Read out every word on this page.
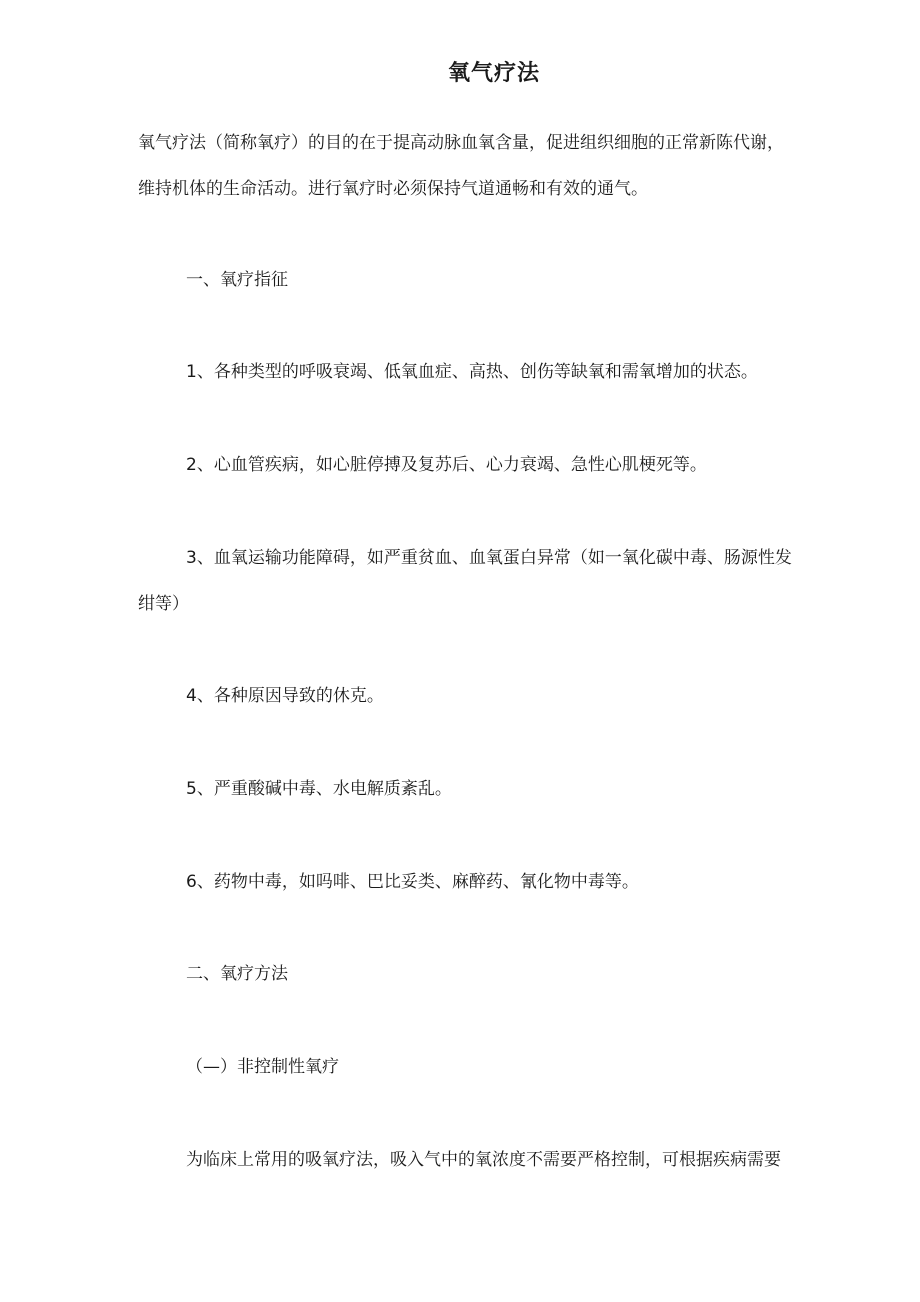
氧气疗法

氧气疗法（简称氧疗）的目的在于提高动脉血氧含量，促进组织细胞的正常新陈代谢，

维持机体的生命活动。进行氧疗时必须保持气道通畅和有效的通气。

一、氧疗指征

1、各种类型的呼吸衰竭、低氧血症、高热、创伤等缺氧和需氧增加的状态。

2、心血管疾病，如心脏停搏及复苏后、心力衰竭、急性心肌梗死等。

3、血氧运输功能障碍，如严重贫血、血氧蛋白异常（如一氧化碳中毒、肠源性发

绀等）

4、各种原因导致的休克。

5、严重酸碱中毒、水电解质紊乱。

6、药物中毒，如吗啡、巴比妥类、麻醉药、氰化物中毒等。

二、氧疗方法

（—）非控制性氧疗

为临床上常用的吸氧疗法，吸入气中的氧浓度不需要严格控制，可根据疾病需要
